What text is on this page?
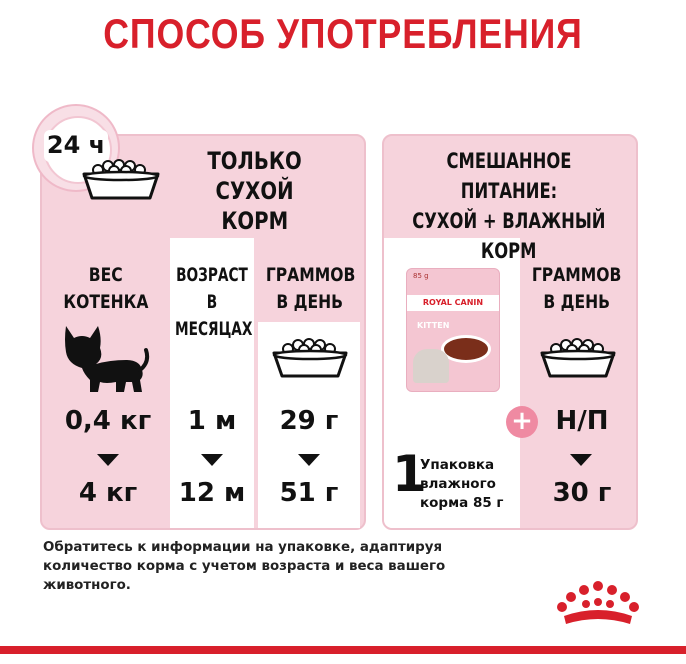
СПОСОБ УПОТРЕБЛЕНИЯ
24 ч
ТОЛЬКО
СУХОЙ
КОРМ
ВЕС
КОТЕНКА
ВОЗРАСТ В
МЕСЯЦАХ
ГРАММОВ
В ДЕНЬ
0,4 кг
4 кг
1 м
12 м
29 г
51 г
СМЕШАННОЕ ПИТАНИЕ:
СУХОЙ + ВЛАЖНЫЙ
КОРМ
85 g
ROYAL CANIN
KITTEN
1
Упаковка
влажного
корма 85 г
ГРАММОВ
В ДЕНЬ
+ Н/П
30 г
Обратитесь к информации на упаковке, адаптируя
количество корма с учетом возраста и веса вашего
животного.
